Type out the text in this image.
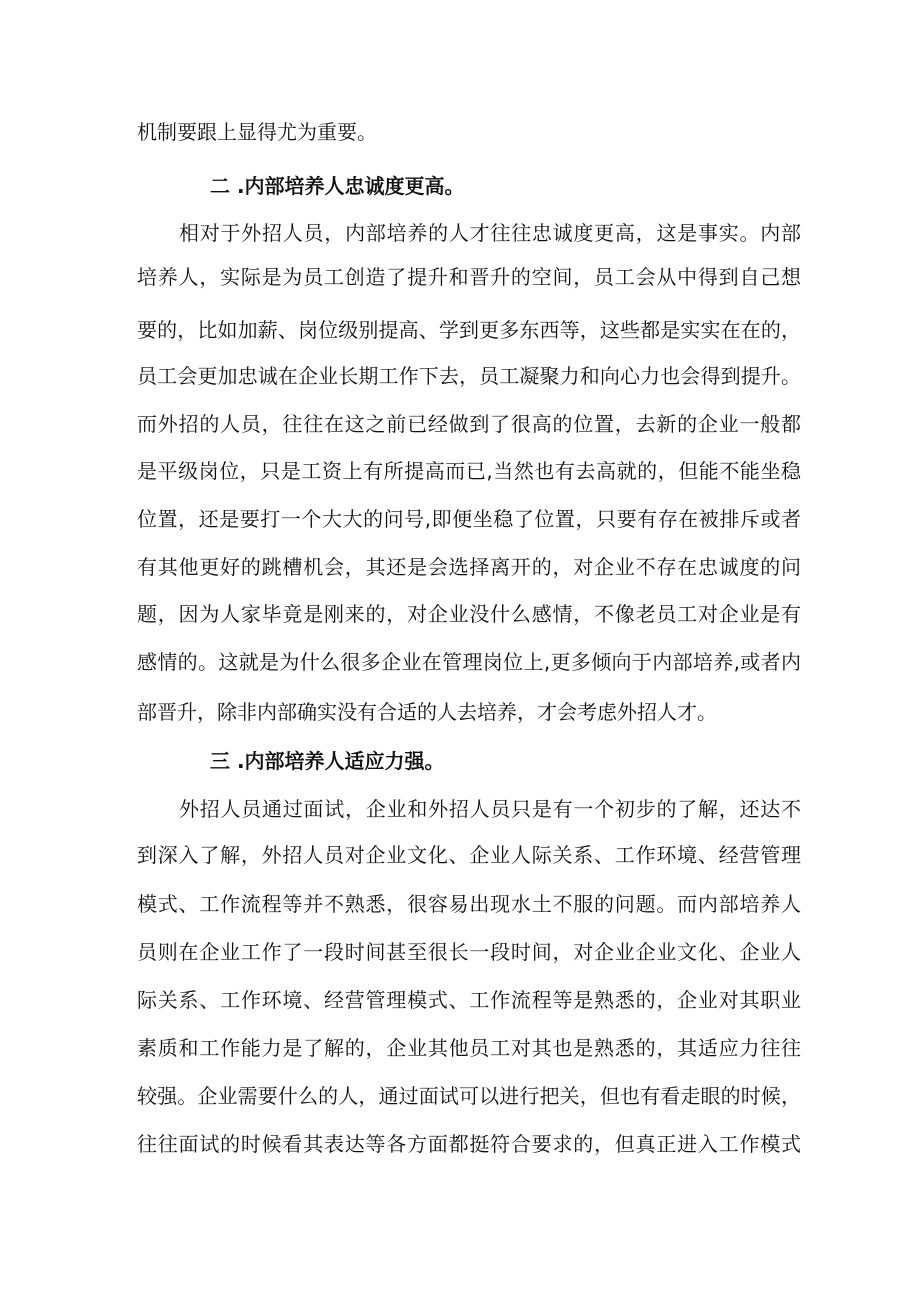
机制要跟上显得尤为重要。
二 .内部培养人忠诚度更高。
相对于外招人员，内部培养的人才往往忠诚度更高，这是事实。内部
培养人，实际是为员工创造了提升和晋升的空间，员工会从中得到自己想
要的，比如加薪、岗位级别提高、学到更多东西等，这些都是实实在在的，
员工会更加忠诚在企业长期工作下去，员工凝聚力和向心力也会得到提升。
而外招的人员，往往在这之前已经做到了很高的位置，去新的企业一般都
是平级岗位，只是工资上有所提高而已,当然也有去高就的，但能不能坐稳
位置，还是要打一个大大的问号,即便坐稳了位置，只要有存在被排斥或者
有其他更好的跳槽机会，其还是会选择离开的，对企业不存在忠诚度的问
题，因为人家毕竟是刚来的，对企业没什么感情，不像老员工对企业是有
感情的。这就是为什么很多企业在管理岗位上,更多倾向于内部培养,或者内
部晋升，除非内部确实没有合适的人去培养，才会考虑外招人才。
三 .内部培养人适应力强。
外招人员通过面试，企业和外招人员只是有一个初步的了解，还达不
到深入了解，外招人员对企业文化、企业人际关系、工作环境、经营管理
模式、工作流程等并不熟悉，很容易出现水土不服的问题。而内部培养人
员则在企业工作了一段时间甚至很长一段时间，对企业企业文化、企业人
际关系、工作环境、经营管理模式、工作流程等是熟悉的，企业对其职业
素质和工作能力是了解的，企业其他员工对其也是熟悉的，其适应力往往
较强。企业需要什么的人，通过面试可以进行把关，但也有看走眼的时候，
往往面试的时候看其表达等各方面都挺符合要求的，但真正进入工作模式
